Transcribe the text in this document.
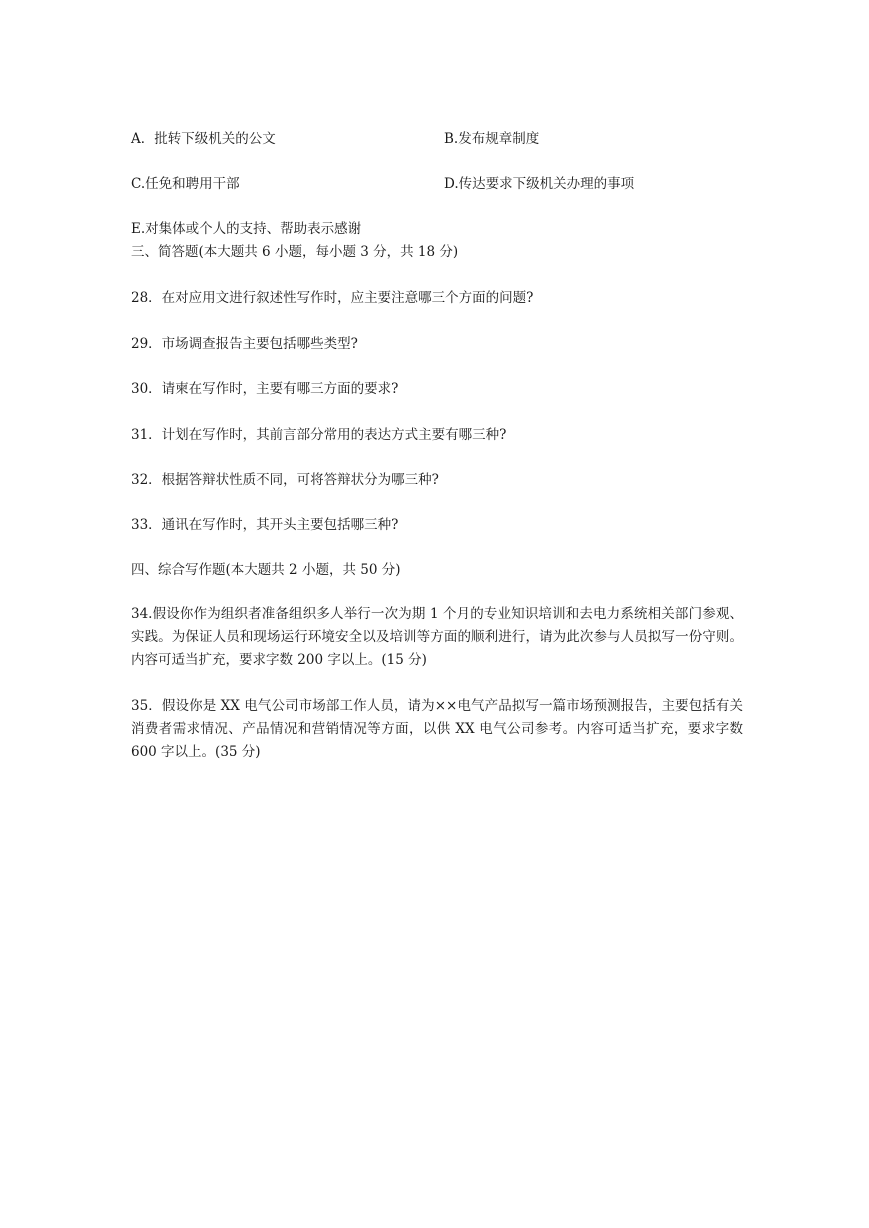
A．批转下级机关的公文	B.发布规章制度
C.任免和聘用干部	D.传达要求下级机关办理的事项
E.对集体或个人的支持、帮助表示感谢
三、简答题(本大题共 6 小题，每小题 3 分，共 18 分)
28．在对应用文进行叙述性写作时，应主要注意哪三个方面的问题?
29．市场调查报告主要包括哪些类型?
30．请柬在写作时，主要有哪三方面的要求?
31．计划在写作时，其前言部分常用的表达方式主要有哪三种?
32．根据答辩状性质不同，可将答辩状分为哪三种?
33．通讯在写作时，其开头主要包括哪三种?
四、综合写作题(本大题共 2 小题，共 50 分)
34.假设你作为组织者准备组织多人举行一次为期 1 个月的专业知识培训和去电力系统相关部门参观、实践。为保证人员和现场运行环境安全以及培训等方面的顺利进行，请为此次参与人员拟写一份守则。内容可适当扩充，要求字数 200 字以上。(15 分)
35．假设你是 XX 电气公司市场部工作人员，请为××电气产品拟写一篇市场预测报告，主要包括有关消费者需求情况、产品情况和营销情况等方面，以供 XX 电气公司参考。内容可适当扩充，要求字数 600 字以上。(35 分)
